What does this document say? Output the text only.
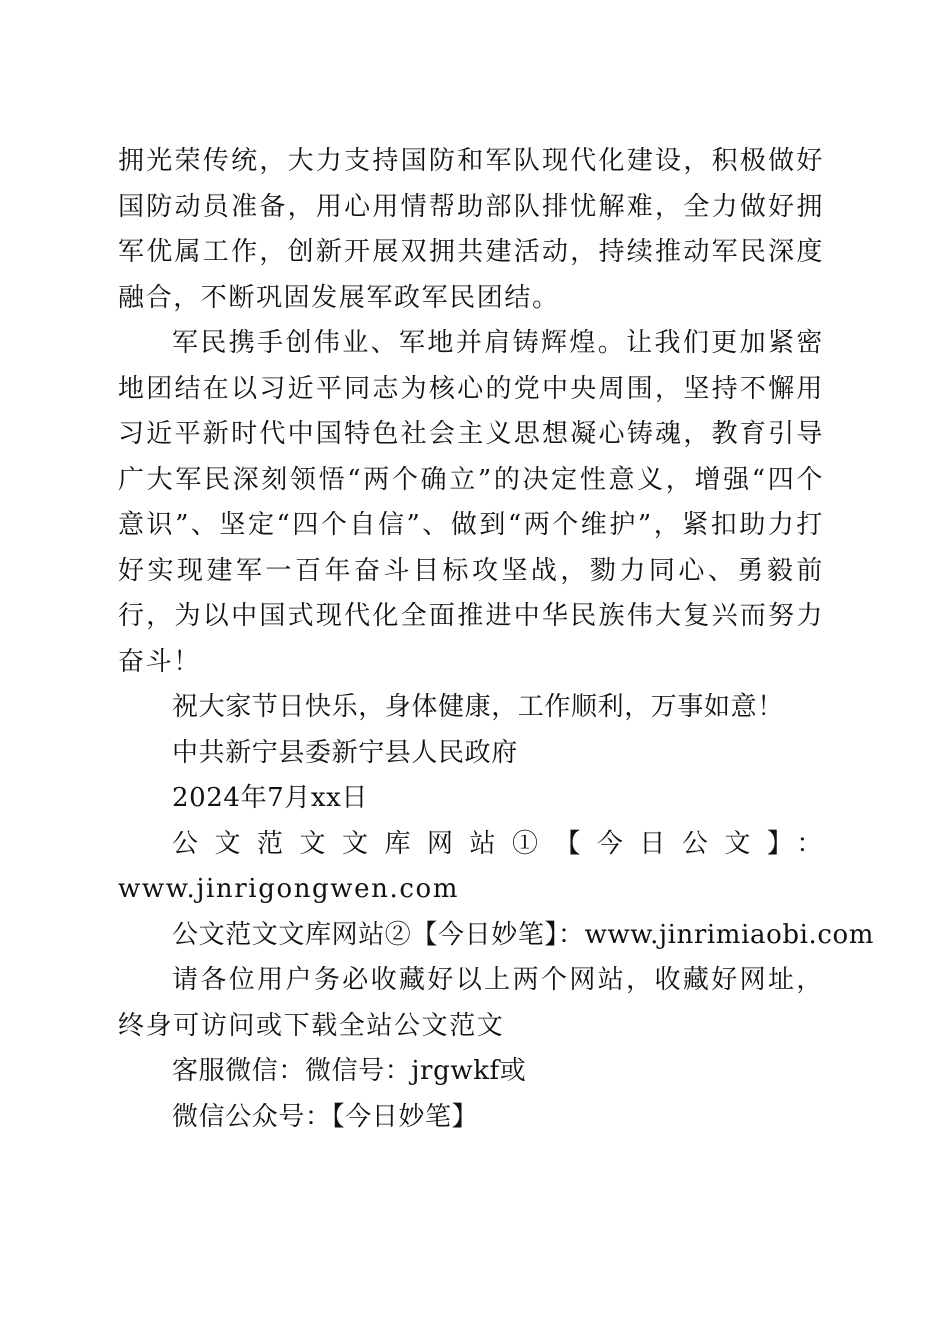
拥光荣传统，大力支持国防和军队现代化建设，积极做好国防动员准备，用心用情帮助部队排忧解难，全力做好拥军优属工作，创新开展双拥共建活动，持续推动军民深度融合，不断巩固发展军政军民团结。

军民携手创伟业、军地并肩铸辉煌。让我们更加紧密地团结在以习近平同志为核心的党中央周围，坚持不懈用习近平新时代中国特色社会主义思想凝心铸魂，教育引导广大军民深刻领悟“两个确立”的决定性意义，增强“四个意识”、坚定“四个自信”、做到“两个维护”，紧扣助力打好实现建军一百年奋斗目标攻坚战，勠力同心、勇毅前行，为以中国式现代化全面推进中华民族伟大复兴而努力奋斗！

祝大家节日快乐，身体健康，工作顺利，万事如意！

中共新宁县委新宁县人民政府

2024年7月xx日

公文范文文库网站①【今日公文】：www.jinrigongwen.com

公文范文文库网站②【今日妙笔】：www.jinrimiaobi.com

请各位用户务必收藏好以上两个网站，收藏好网址，终身可访问或下载全站公文范文

客服微信：微信号：jrgwkf或

微信公众号：【今日妙笔】
